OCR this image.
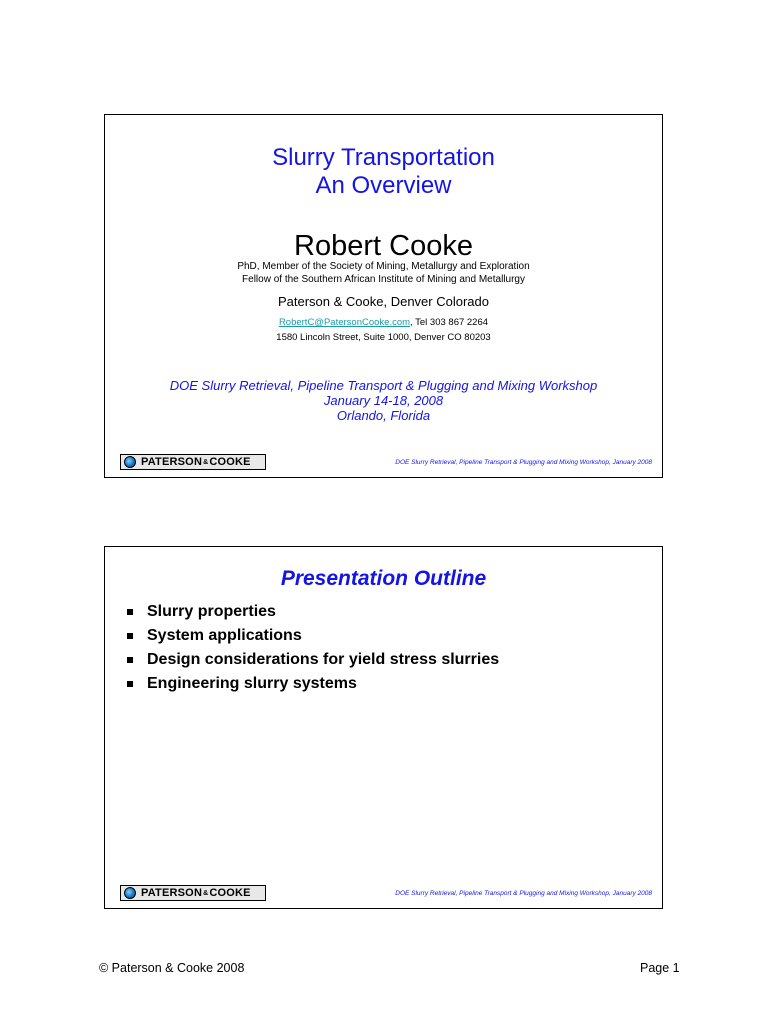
Slurry Transportation
An Overview
Robert Cooke
PhD, Member of the Society of Mining, Metallurgy and Exploration
Fellow of the Southern African Institute of Mining and Metallurgy
Paterson & Cooke, Denver Colorado
RobertC@PatersonCooke.com, Tel 303 867 2264
1580 Lincoln Street, Suite 1000, Denver CO 80203
DOE Slurry Retrieval, Pipeline Transport & Plugging and Mixing Workshop
January 14-18, 2008
Orlando, Florida
PATERSON & COOKE	DOE Slurry Retrieval, Pipeline Transport & Plugging and Mixing Workshop, January 2008
Presentation Outline
Slurry properties
System applications
Design considerations for yield stress slurries
Engineering slurry systems
PATERSON & COOKE	DOE Slurry Retrieval, Pipeline Transport & Plugging and Mixing Workshop, January 2008
© Paterson & Cooke 2008	Page 1
